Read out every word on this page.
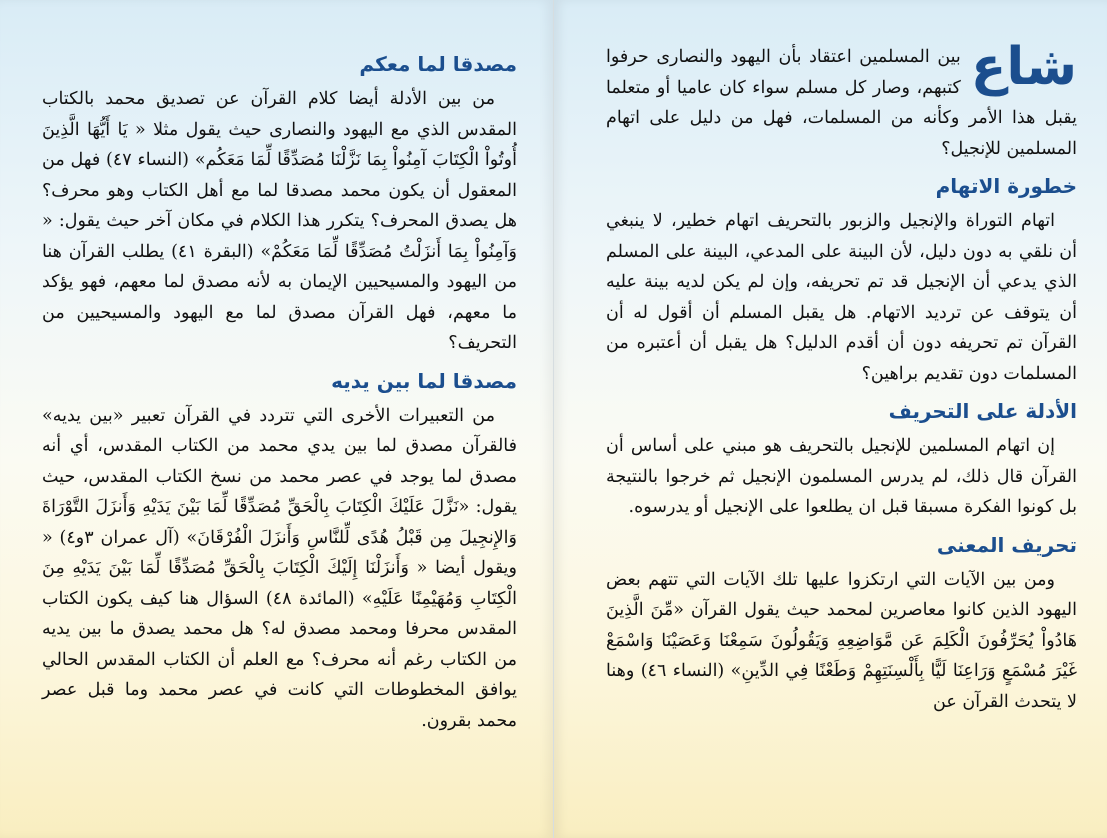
مصدقا لما معكم

من بين الأدلة أيضا كلام القرآن عن تصديق محمد بالكتاب المقدس الذي مع اليهود والنصارى حيث يقول مثلا « يَا أَيُّهَا الَّذِينَ أُوتُواْ الْكِتَابَ آمِنُواْ بِمَا نَزَّلْنَا مُصَدِّقًا لِّمَا مَعَكُم» (النساء ٤٧) فهل من المعقول أن يكون محمد مصدقا لما مع أهل الكتاب وهو محرف؟ هل يصدق المحرف؟ يتكرر هذا الكلام في مكان آخر حيث يقول: « وَآمِنُواْ بِمَا أَنزَلْتُ مُصَدِّقًا لِّمَا مَعَكُمْ» (البقرة ٤١) يطلب القرآن هنا من اليهود والمسيحيين الإيمان به لأنه مصدق لما معهم، فهو يؤكد ما معهم، فهل القرآن مصدق لما مع اليهود والمسيحيين من التحريف؟

مصدقا لما بين يديه

من التعبيرات الأخرى التي تتردد في القرآن تعبير «بين يديه» فالقرآن مصدق لما بين يدي محمد من الكتاب المقدس، أي أنه مصدق لما يوجد في عصر محمد من نسخ الكتاب المقدس، حيث يقول: «نَزَّلَ عَلَيْكَ الْكِتَابَ بِالْحَقِّ مُصَدِّقًا لِّمَا بَيْنَ يَدَيْهِ وَأَنزَلَ التَّوْرَاةَ وَالإِنجِيلَ مِن قَبْلُ هُدًى لِّلنَّاسِ وَأَنزَلَ الْفُرْقَانَ» (آل عمران ٣و٤) « ويقول أيضا « وَأَنزَلْنَا إِلَيْكَ الْكِتَابَ بِالْحَقِّ مُصَدِّقًا لِّمَا بَيْنَ يَدَيْهِ مِنَ الْكِتَابِ وَمُهَيْمِنًا عَلَيْهِ» (المائدة ٤٨) السؤال هنا كيف يكون الكتاب المقدس محرفا ومحمد مصدق له؟ هل محمد يصدق ما بين يديه من الكتاب رغم أنه محرف؟ مع العلم أن الكتاب المقدس الحالي يوافق المخطوطات التي كانت في عصر محمد وما قبل عصر محمد بقرون.

شاع

بين المسلمين اعتقاد بأن اليهود والنصارى حرفوا كتبهم، وصار كل مسلم سواء كان عاميا أو متعلما يقبل هذا الأمر وكأنه من المسلمات، فهل من دليل على اتهام المسلمين للإنجيل؟

خطورة الاتهام

اتهام التوراة والإنجيل والزبور بالتحريف اتهام خطير، لا ينبغي أن نلقي به دون دليل، لأن البينة على المدعي، البينة على المسلم الذي يدعي أن الإنجيل قد تم تحريفه، وإن لم يكن لديه بينة عليه أن يتوقف عن ترديد الاتهام. هل يقبل المسلم أن أقول له أن القرآن تم تحريفه دون أن أقدم الدليل؟ هل يقبل أن أعتبره من المسلمات دون تقديم براهين؟

الأدلة على التحريف

إن اتهام المسلمين للإنجيل بالتحريف هو مبني على أساس أن القرآن قال ذلك، لم يدرس المسلمون الإنجيل ثم خرجوا بالنتيجة بل كونوا الفكرة مسبقا قبل ان يطلعوا على الإنجيل أو يدرسوه.

تحريف المعنى

ومن بين الآيات التي ارتكزوا عليها تلك الآيات التي تتهم بعض اليهود الذين كانوا معاصرين لمحمد حيث يقول القرآن «مِّنَ الَّذِينَ هَادُواْ يُحَرِّفُونَ الْكَلِمَ عَن مَّوَاضِعِهِ وَيَقُولُونَ سَمِعْنَا وَعَصَيْنَا وَاسْمَعْ غَيْرَ مُسْمَعٍ وَرَاعِنَا لَيًّا بِأَلْسِنَتِهِمْ وَطَعْنًا فِي الدِّينِ» (النساء ٤٦) وهنا لا يتحدث القرآن عن
